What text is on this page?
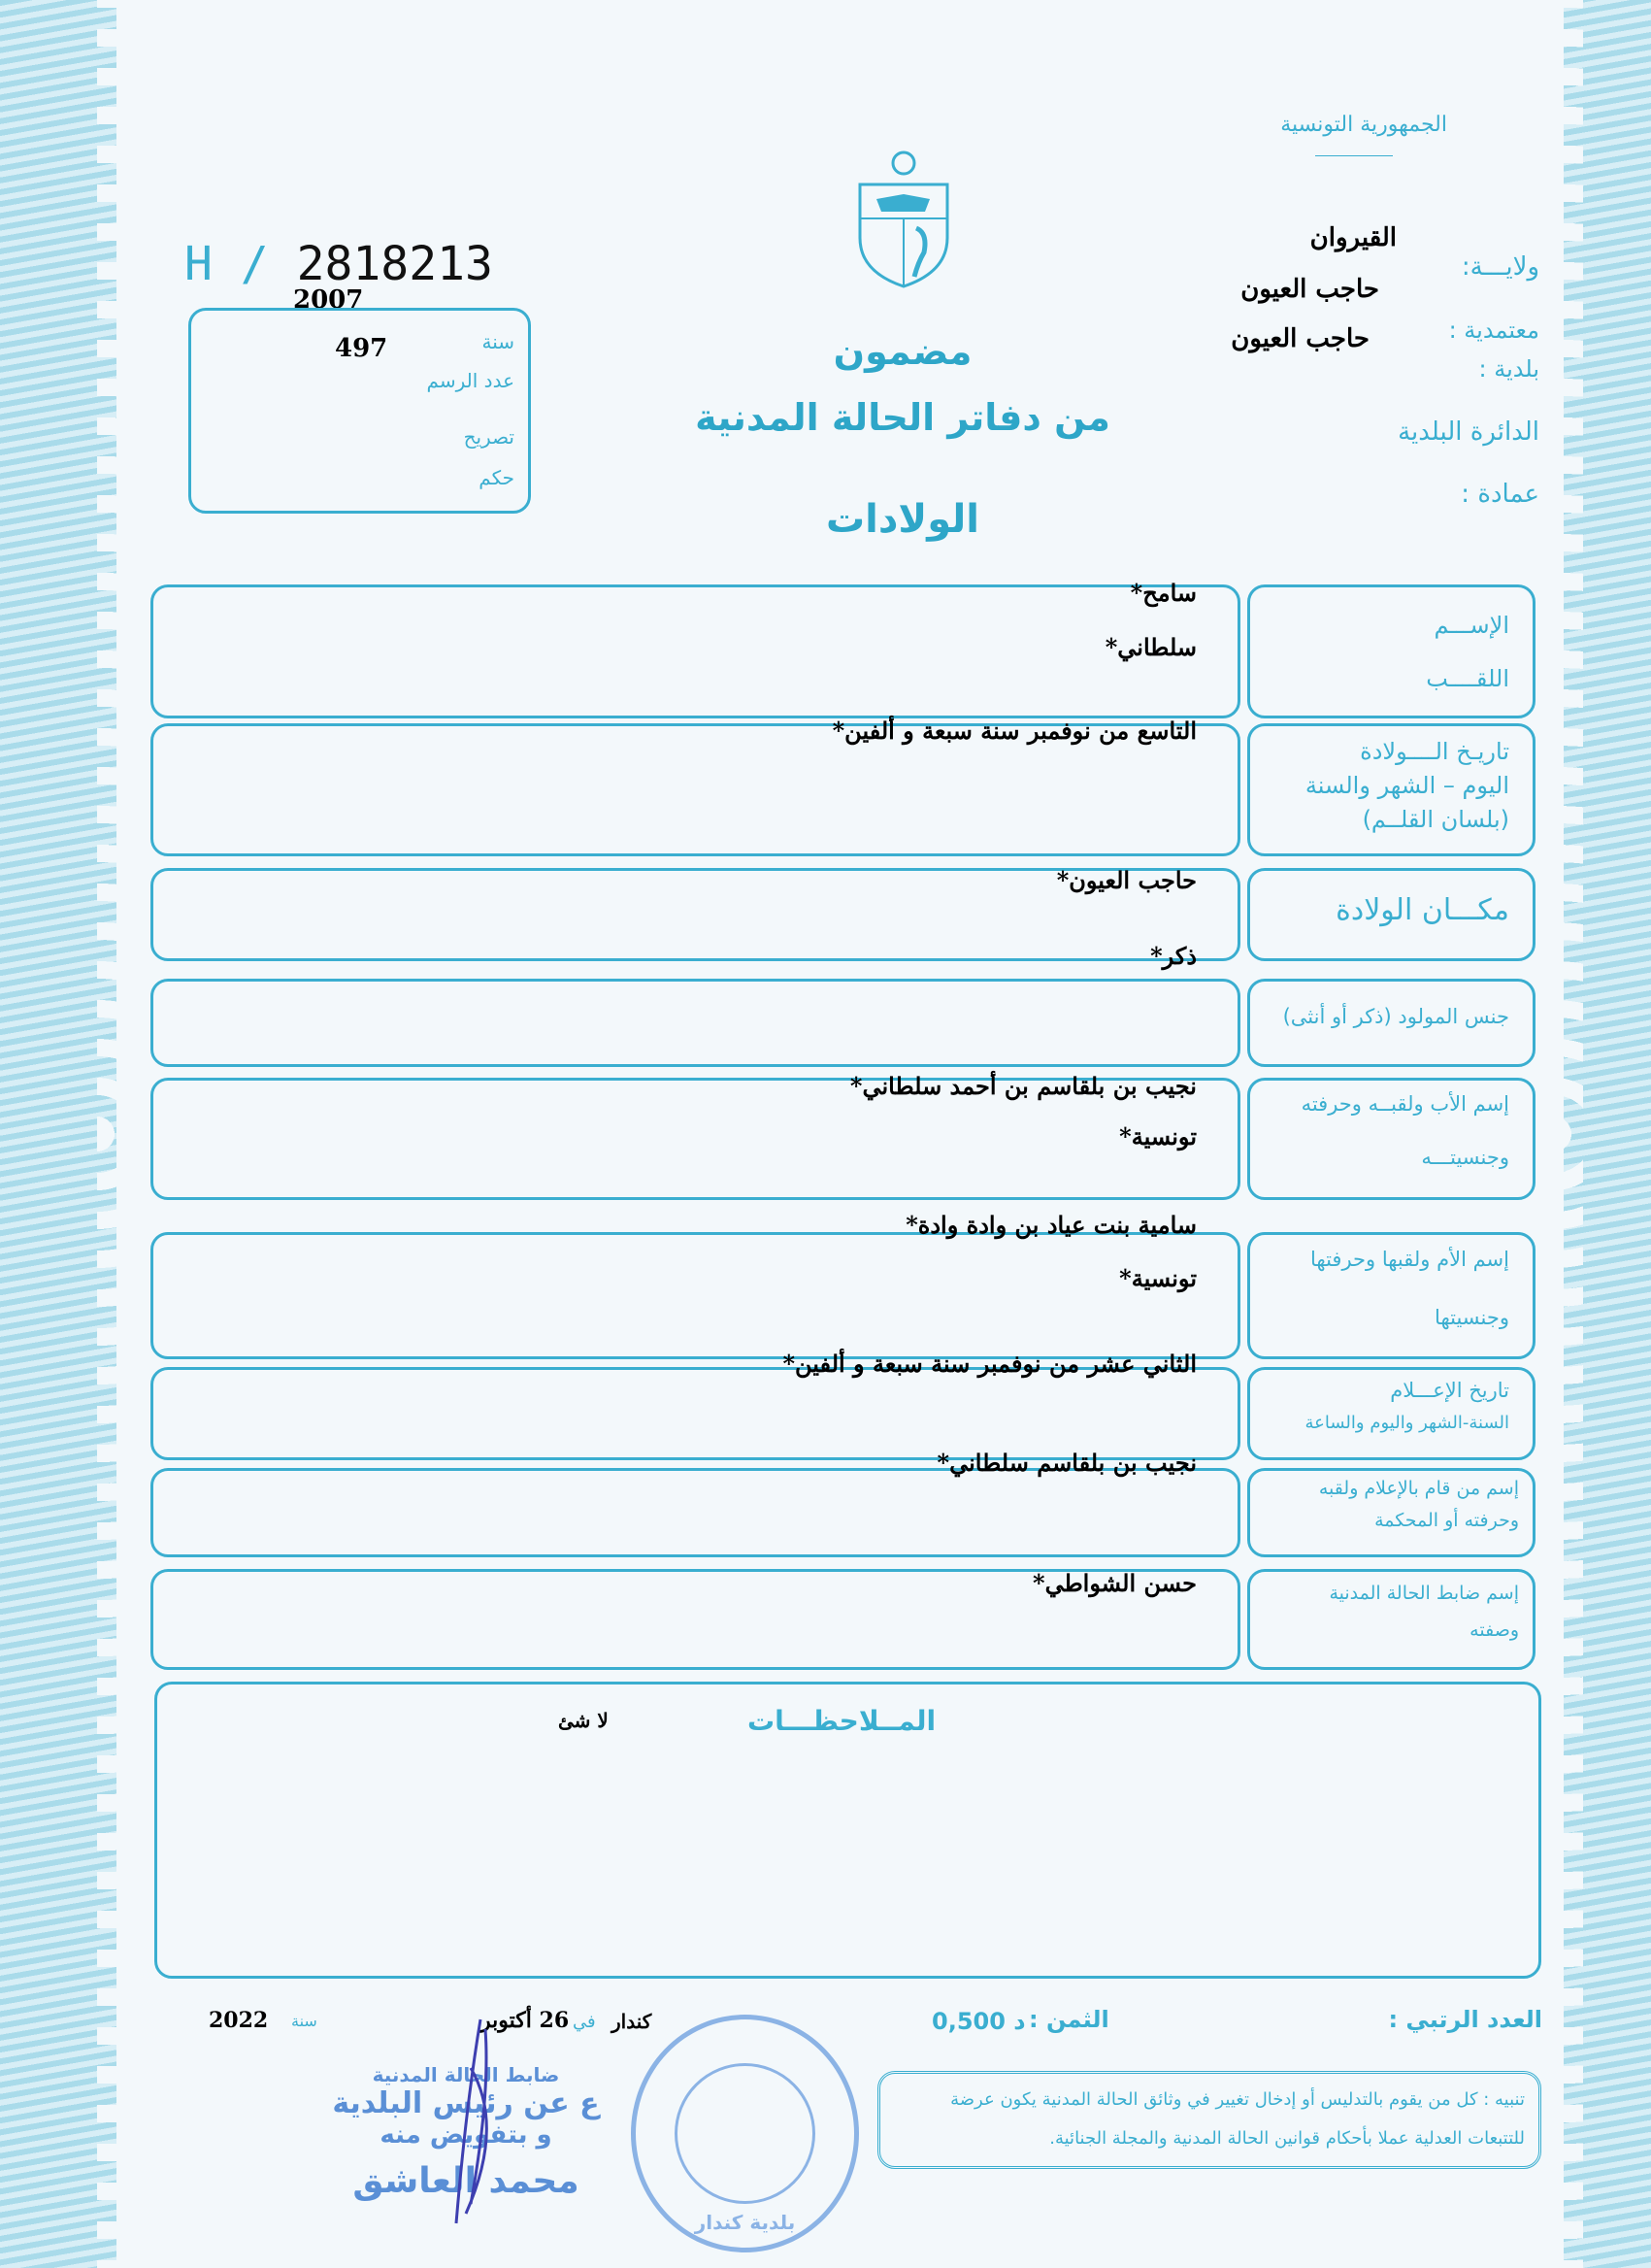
الجمهورية التونسية
H / 2818213
2007
سنة
497
عدد الرسم
تصريح
حكم
مضمون
من دفاتر الحالة المدنية
الولادات
ولايـــة:
القيروان
حاجب العيون
معتمدية :
حاجب العيون
بلدية :
الدائرة البلدية
عمادة :
الإســـم
اللقــــب
سامح*
سلطاني*
تاريـخ الــــولادة
اليوم – الشهر والسنة
(بلسان القلــم)
التاسع من نوفمبر سنة سبعة و ألفين*
مكـــان الولادة
حاجب العيون*
جنس المولود (ذكر أو أنثى)
ذكر*
إسم الأب ولقبــه وحرفته
وجنسيتـــه
نجيب بن بلقاسم بن أحمد سلطاني*
تونسية*
إسم الأم ولقبها وحرفتها
وجنسيتها
سامية بنت عياد بن وادة وادة*
تونسية*
تاريخ الإعـــلام
السنة-الشهر واليوم والساعة
الثاني عشر من نوفمبر سنة سبعة و ألفين*
إسم من قام بالإعلام ولقبه
وحرفته أو المحكمة
نجيب بن بلقاسم سلطاني*
إسم ضابط الحالة المدنية
وصفته
حسن الشواطي*
المــلاحظـــات
لا شئ
العدد الرتبي :
الثمن :
0,500 د
كندار
في
26 أكتوبر
سنة
2022
ضابط الحالة المدنية
ع عن رئيس البلدية
و بتفويض منه
محمد العاشق
بلدية كندار
تنبيه : كل من يقوم بالتدليس أو إدخال تغيير في وثائق الحالة المدنية يكون عرضة
للتتبعات العدلية عملا بأحكام قوانين الحالة المدنية والمجلة الجنائية.
